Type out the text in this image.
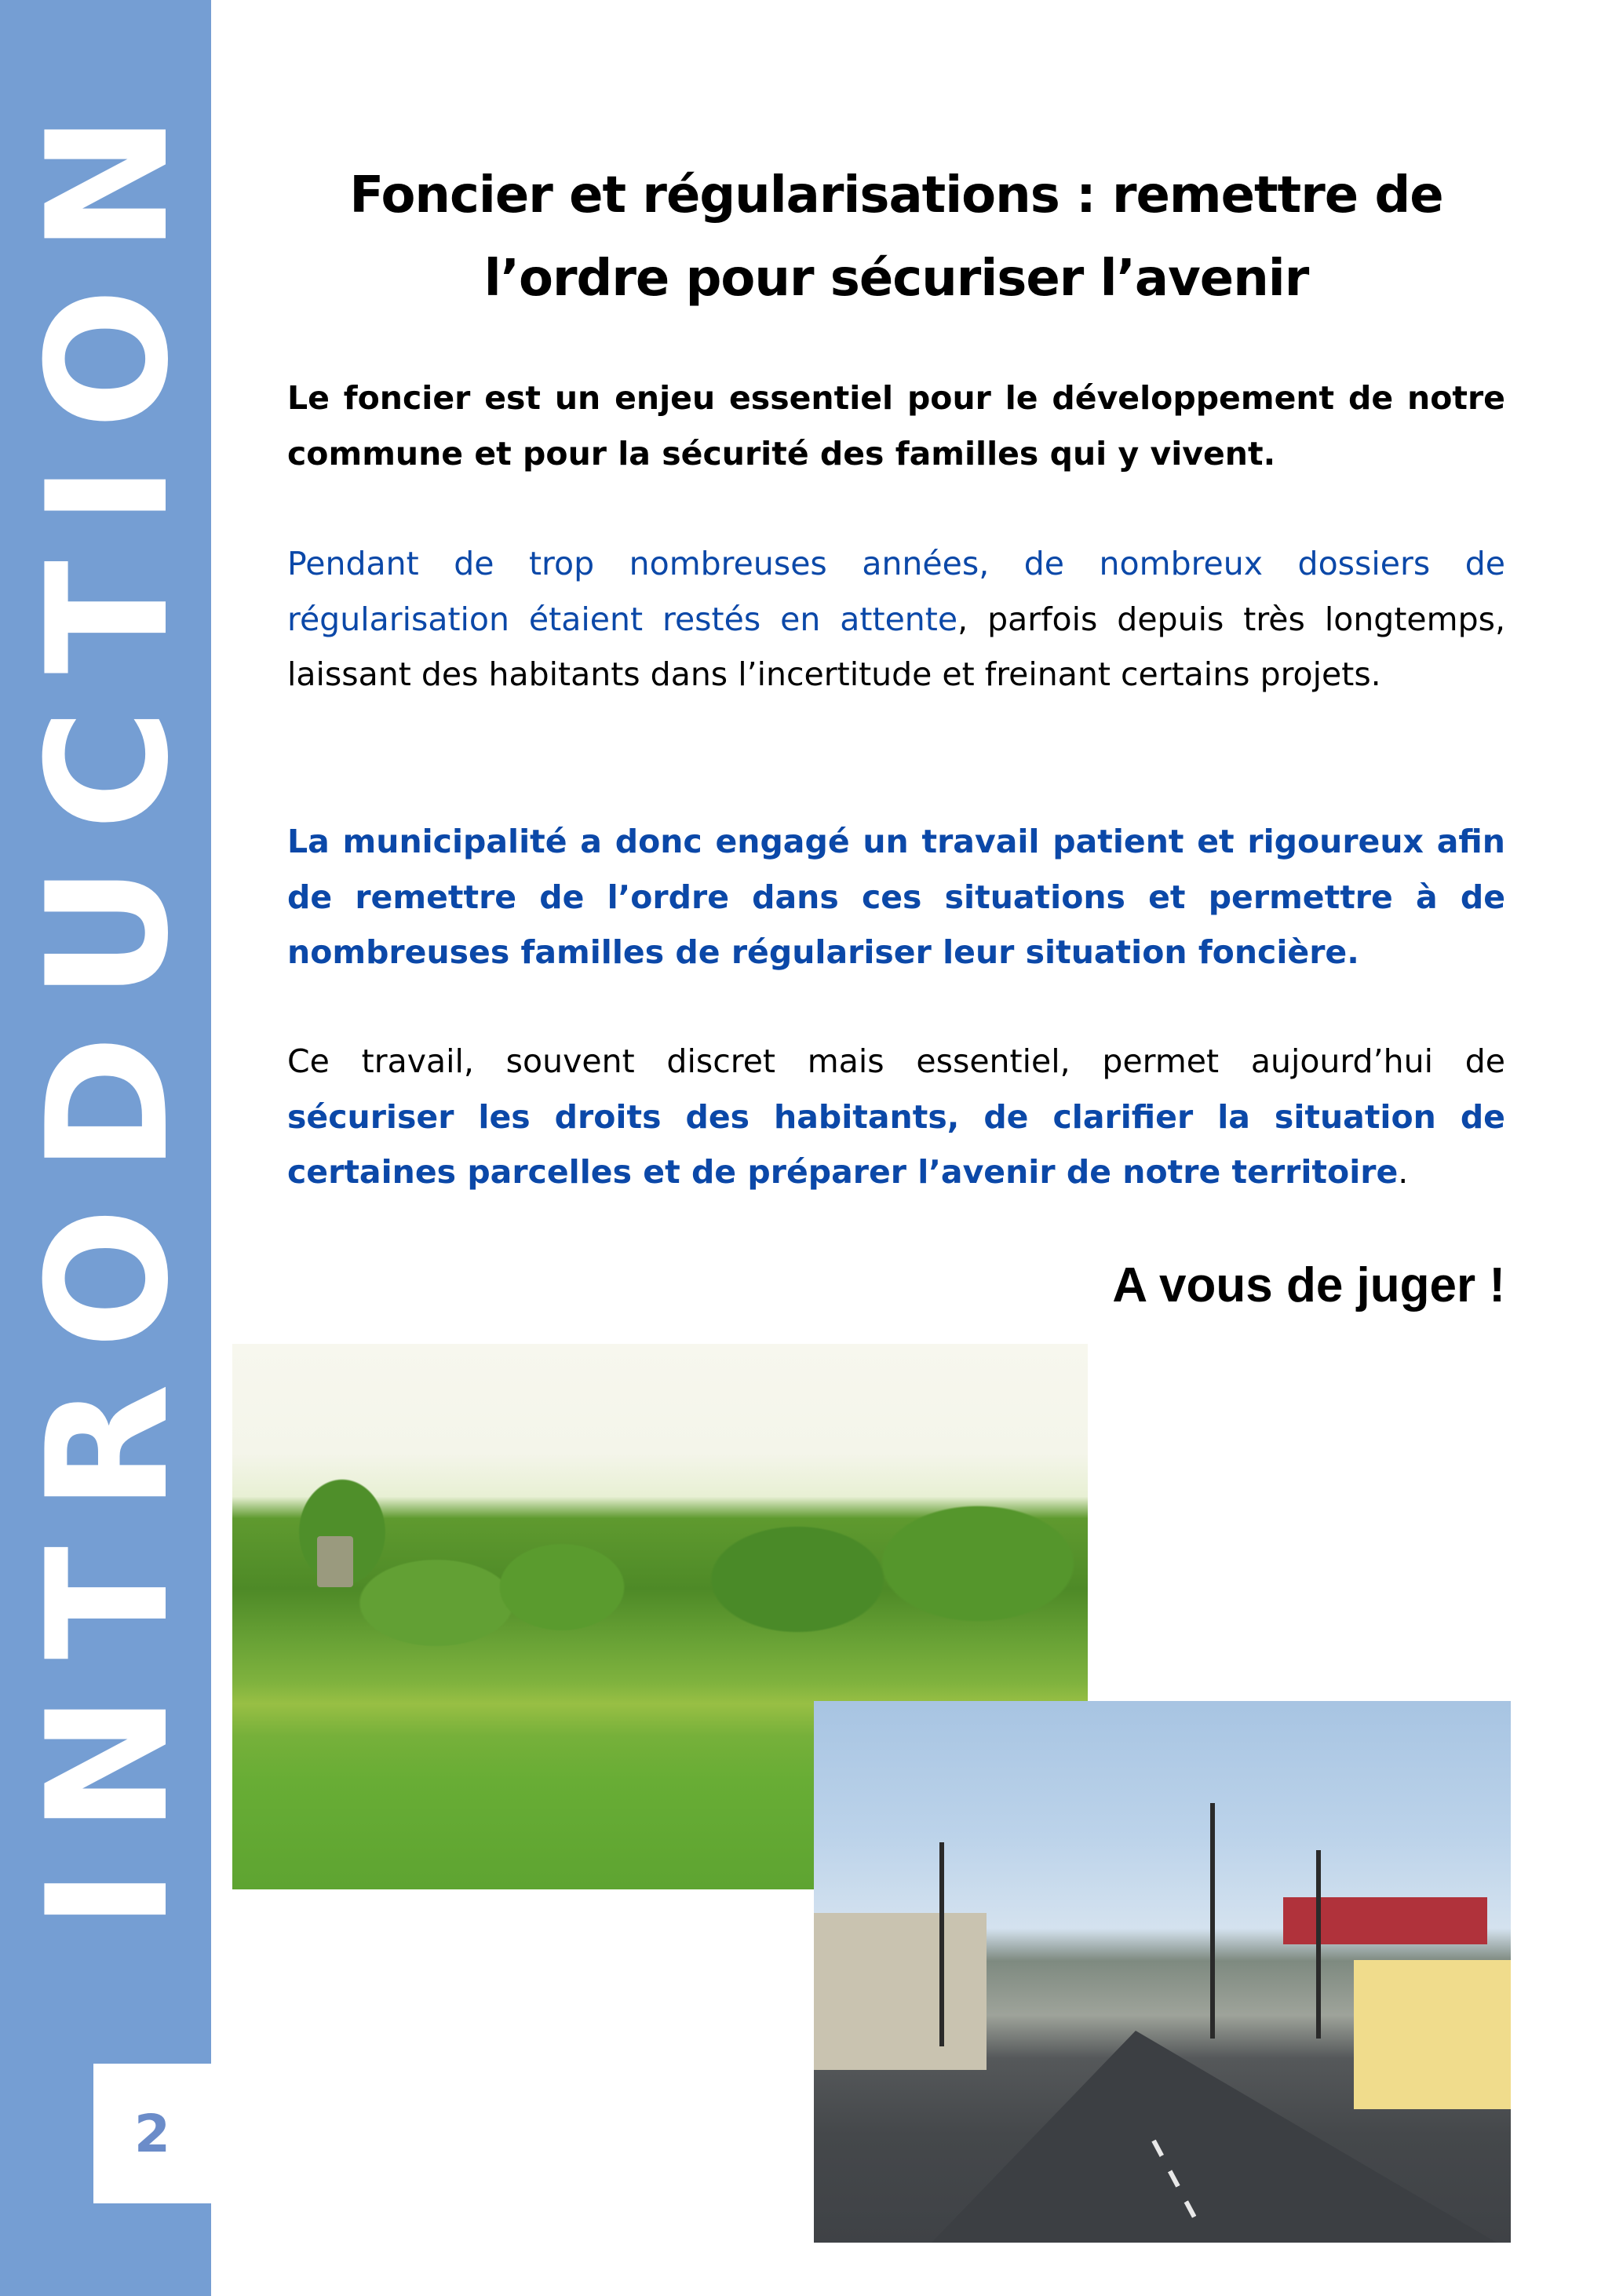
INTRODUCTION
2
Foncier et régularisations : remettre de
l’ordre pour sécuriser l’avenir

Le foncier est un enjeu essentiel pour le développement de notre commune et pour la sécurité des familles qui y vivent.

Pendant de trop nombreuses années, de nombreux dossiers de régularisation étaient restés en attente, parfois depuis très longtemps, laissant des habitants dans l’incertitude et freinant certains projets.

La municipalité a donc engagé un travail patient et rigoureux afin de remettre de l’ordre dans ces situations et permettre à de nombreuses familles de régulariser leur situation foncière.

Ce travail, souvent discret mais essentiel, permet aujourd’hui de sécuriser les droits des habitants, de clarifier la situation de certaines parcelles et de préparer l’avenir de notre territoire.

A vous de juger !
